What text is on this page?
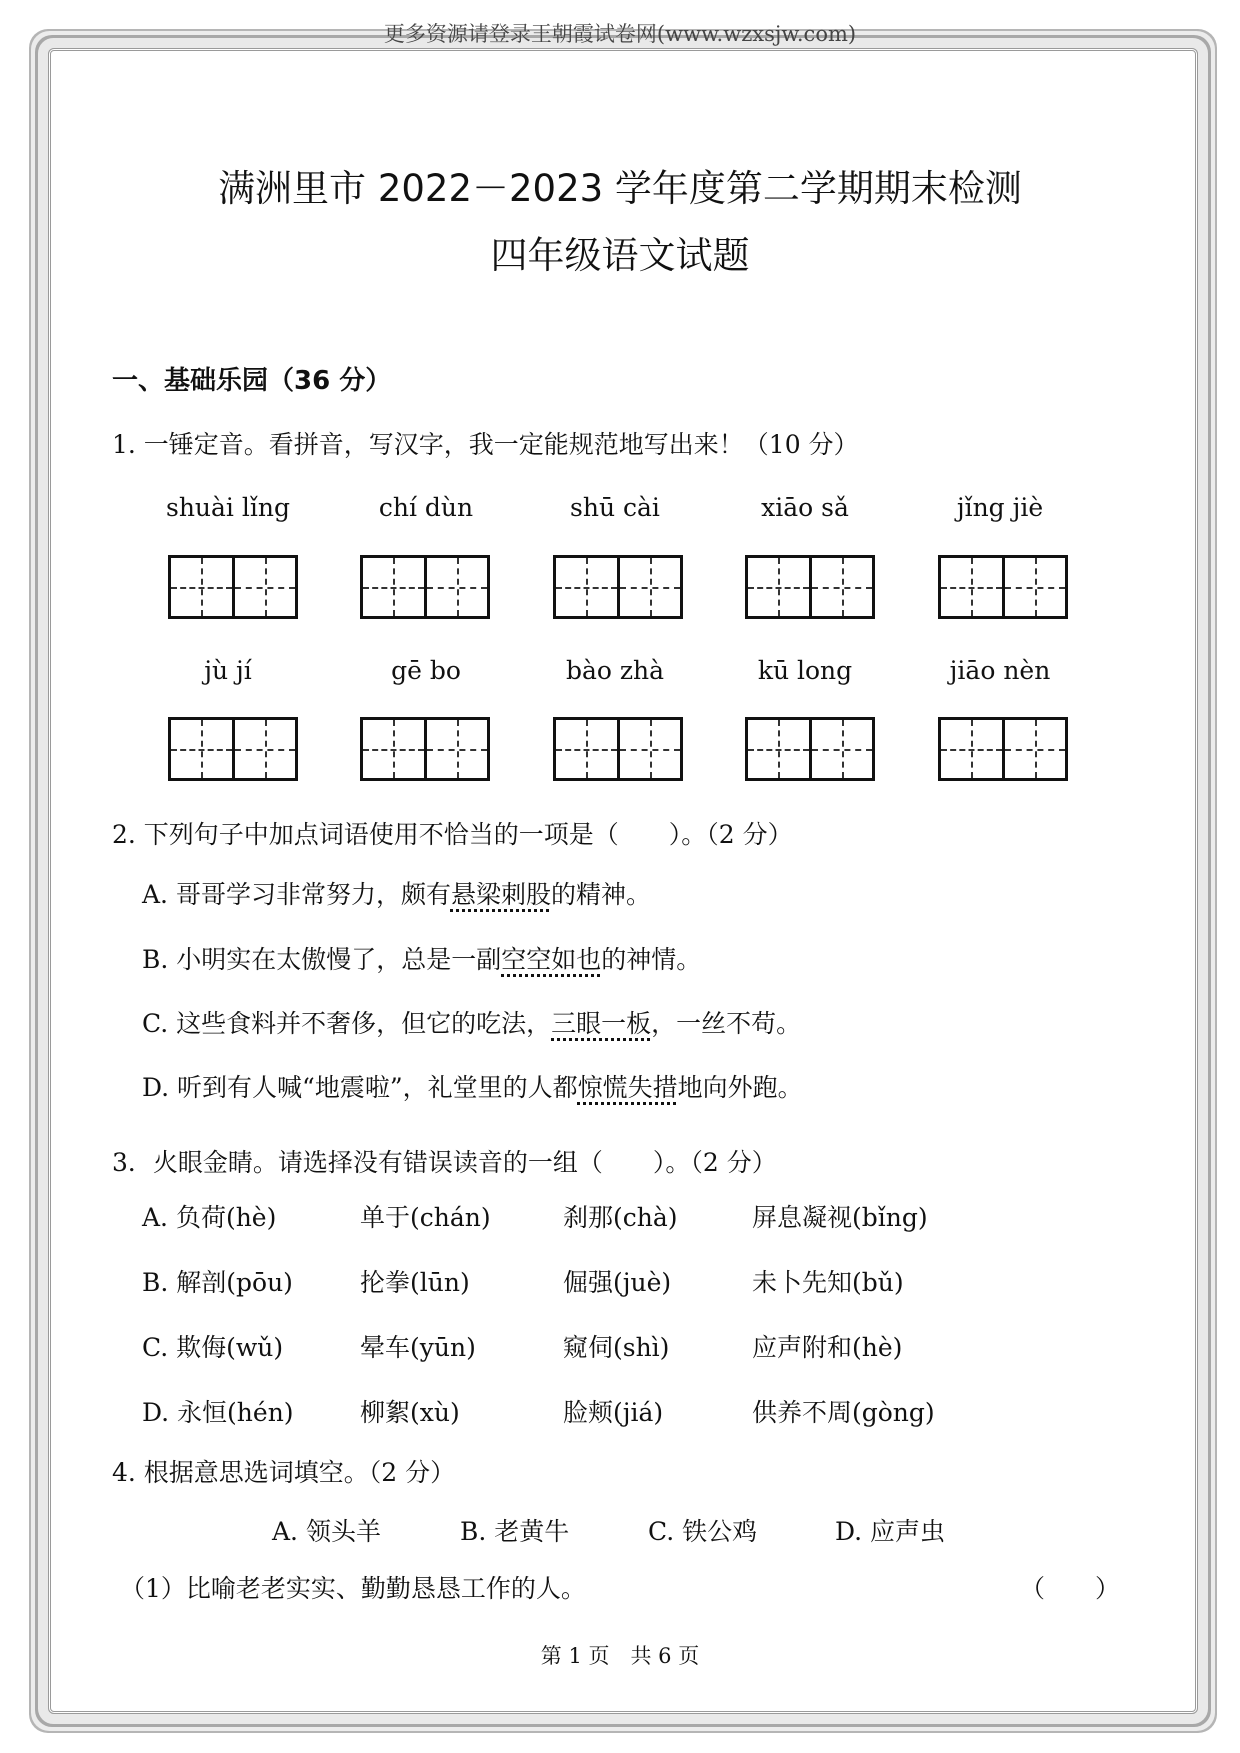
更多资源请登录王朝霞试卷网(www.wzxsjw.com)
满洲里市 2022－2023 学年度第二学期期末检测
四年级语文试题
一、基础乐园（36 分）
1. 一锤定音。看拼音，写汉字，我一定能规范地写出来！（10 分）
shuài lǐng	chí dùn	shū cài	xiāo sǎ	jǐng jiè
jù jí	gē bo	bào zhà	kū long	jiāo nèn
2. 下列句子中加点词语使用不恰当的一项是（　　）。（2 分）
A. 哥哥学习非常努力，颇有悬梁刺股的精神。
B. 小明实在太傲慢了，总是一副空空如也的神情。
C. 这些食料并不奢侈，但它的吃法，三眼一板，一丝不苟。
D. 听到有人喊“地震啦”，礼堂里的人都惊慌失措地向外跑。
3．火眼金睛。请选择没有错误读音的一组（　　）。（2 分）
A. 负荷(hè)	单于(chán)	刹那(chà)	屏息凝视(bǐng)
B. 解剖(pōu)	抡拳(lūn)	倔强(juè)	未卜先知(bǔ)
C. 欺侮(wǔ)	晕车(yūn)	窥伺(shì)	应声附和(hè)
D. 永恒(hén)	柳絮(xù)	脸颊(jiá)	供养不周(gòng)
4. 根据意思选词填空。（2 分）
A. 领头羊	B. 老黄牛	C. 铁公鸡	D. 应声虫
（1）比喻老老实实、勤勤恳恳工作的人。	（　　）
第 1 页　共 6 页
